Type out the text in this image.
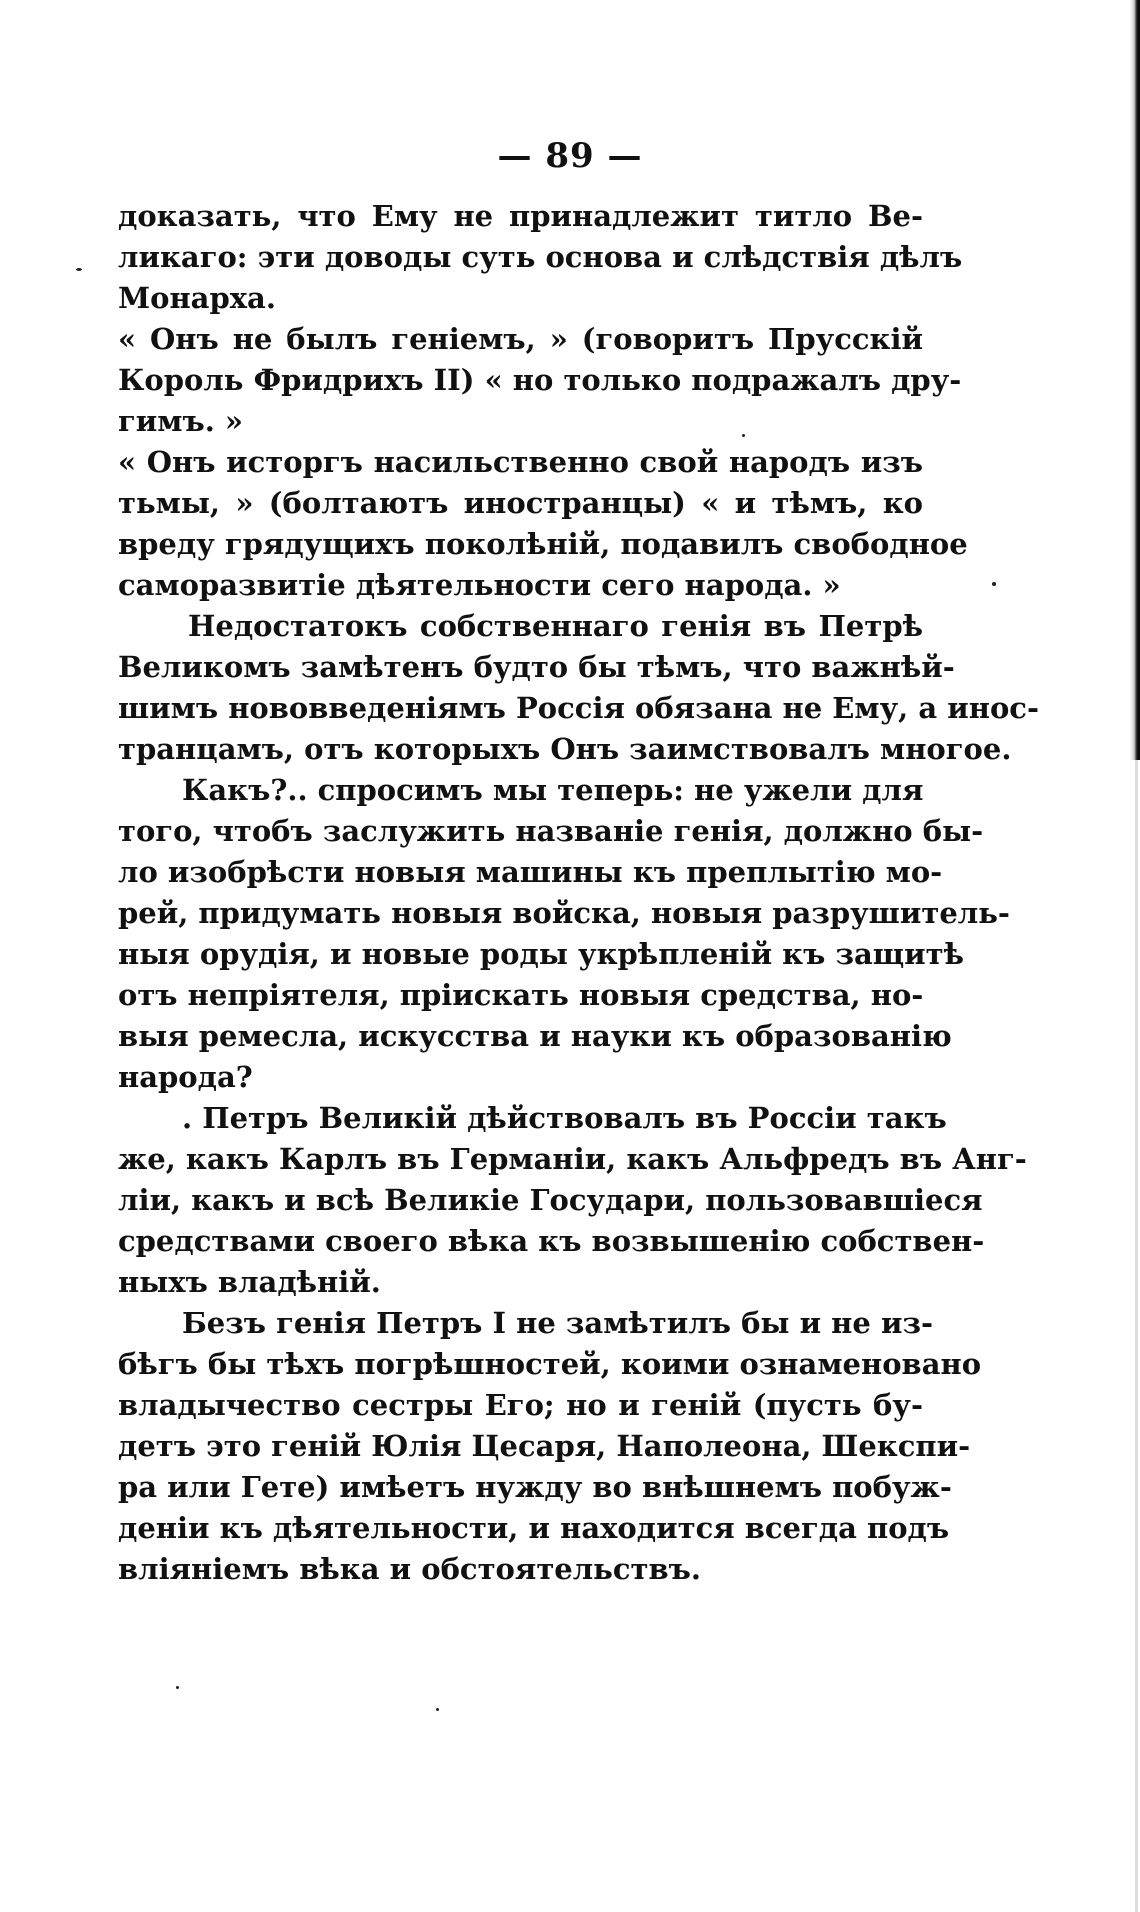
— 89 —
доказать, что Ему не принадлежит титло Ве-
ликаго: эти доводы суть основа и слѣдствія дѣлъ
Монарха.
« Онъ не былъ геніемъ, » (говоритъ Прусскій
Король Фридрихъ II) « но только подражалъ дру-
гимъ. »
« Онъ исторгъ насильственно свой народъ изъ
тьмы, » (болтаютъ иностранцы) « и тѣмъ, ко
вреду грядущихъ поколѣній, подавилъ свободное
саморазвитіе дѣятельности сего народа. »
Недостатокъ собственнаго генія въ Петрѣ
Великомъ замѣтенъ будто бы тѣмъ, что важнѣй-
шимъ нововведеніямъ Россія обязана не Ему, а инос-
транцамъ, отъ которыхъ Онъ заимствовалъ многое.
Какъ?.. спросимъ мы теперь: не ужели для
того, чтобъ заслужить названіе генія, должно бы-
ло изобрѣсти новыя машины къ преплытію мо-
рей, придумать новыя войска, новыя разрушитель-
ныя орудія, и новые роды укрѣпленій къ защитѣ
отъ непріятеля, пріискать новыя средства, но-
выя ремесла, искусства и науки къ образованію
народа?
. Петръ Великій дѣйствовалъ въ Россіи такъ
же, какъ Карлъ въ Германіи, какъ Альфредъ въ Анг-
ліи, какъ и всѣ Великіе Государи, пользовавшіеся
средствами своего вѣка къ возвышенію собствен-
ныхъ владѣній.
Безъ генія Петръ I не замѣтилъ бы и не из-
бѣгъ бы тѣхъ погрѣшностей, коими ознаменовано
владычество сестры Его; но и геній (пусть бу-
детъ это геній Юлія Цесаря, Наполеона, Шекспи-
ра или Гете) имѣетъ нужду во внѣшнемъ побуж-
деніи къ дѣятельности, и находится всегда подъ
вліяніемъ вѣка и обстоятельствъ.
